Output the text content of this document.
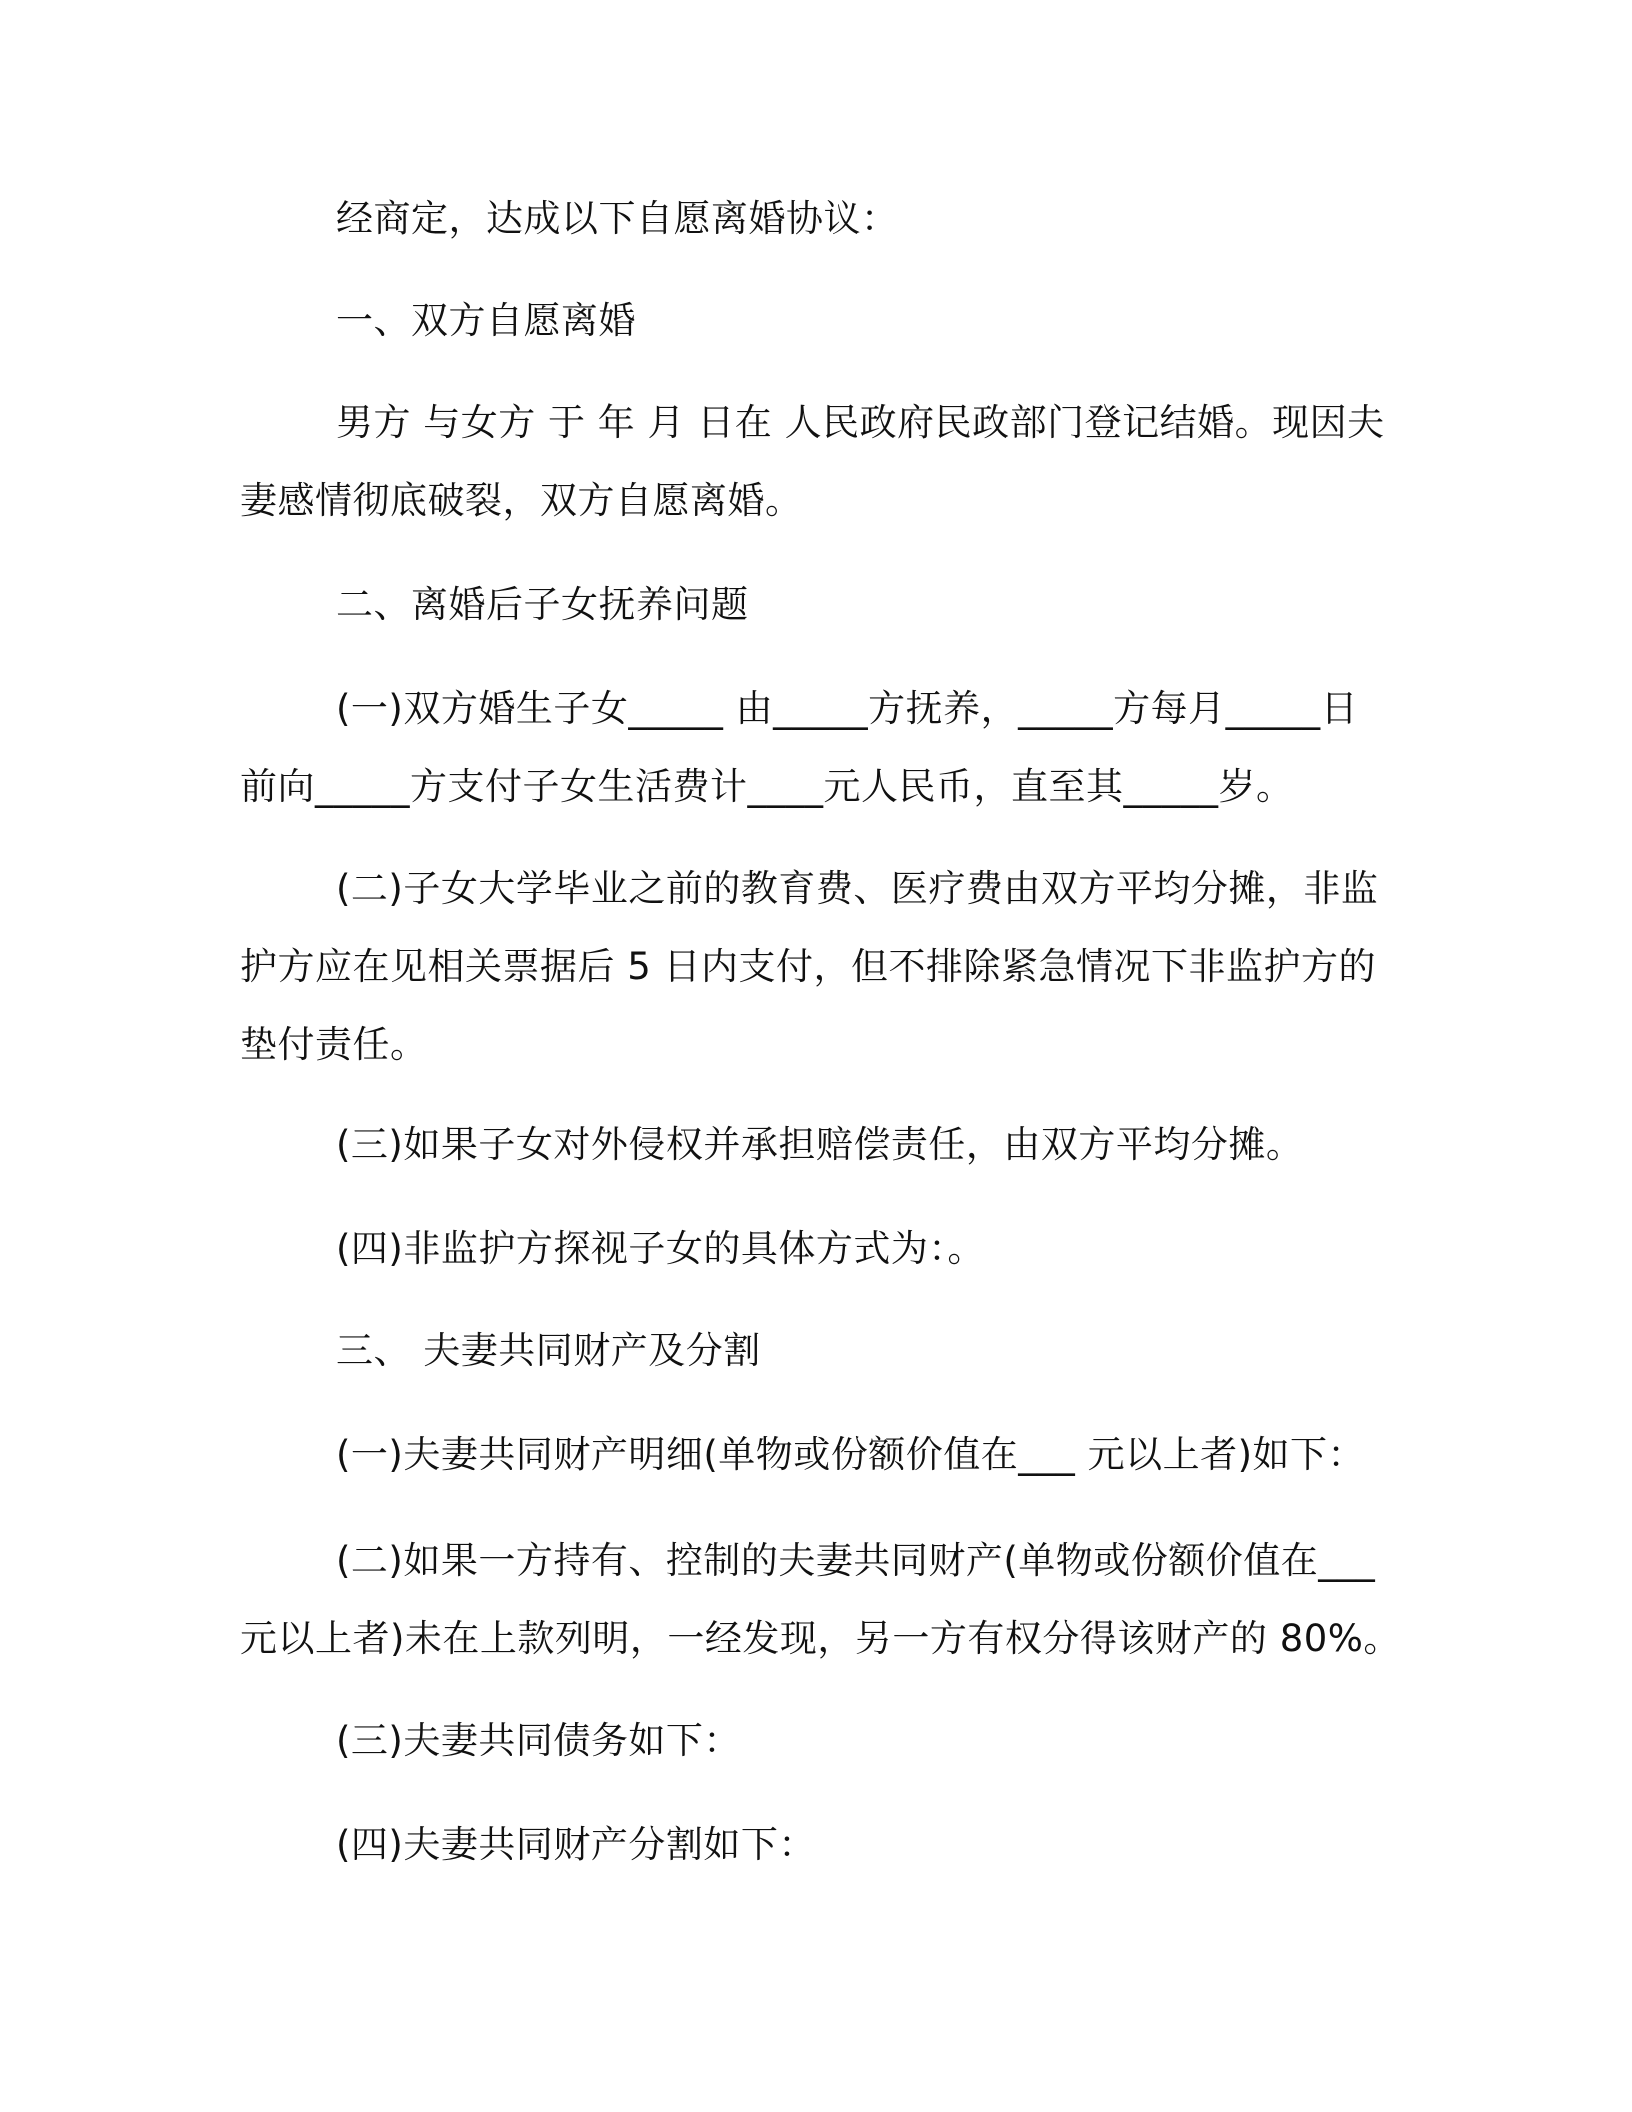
经商定，达成以下自愿离婚协议：
一、双方自愿离婚
男方 与女方 于 年 月 日在 人民政府民政部门登记结婚。现因夫
妻感情彻底破裂，双方自愿离婚。
二、离婚后子女抚养问题
(一)双方婚生子女_____ 由_____方抚养，_____方每月_____日
前向_____方支付子女生活费计____元人民币，直至其_____岁。
(二)子女大学毕业之前的教育费、医疗费由双方平均分摊，非监
护方应在见相关票据后 5 日内支付，但不排除紧急情况下非监护方的
垫付责任。
(三)如果子女对外侵权并承担赔偿责任，由双方平均分摊。
(四)非监护方探视子女的具体方式为：。
三、 夫妻共同财产及分割
(一)夫妻共同财产明细(单物或份额价值在___ 元以上者)如下：
(二)如果一方持有、控制的夫妻共同财产(单物或份额价值在___
元以上者)未在上款列明，一经发现，另一方有权分得该财产的 80%。
(三)夫妻共同债务如下：
(四)夫妻共同财产分割如下：
